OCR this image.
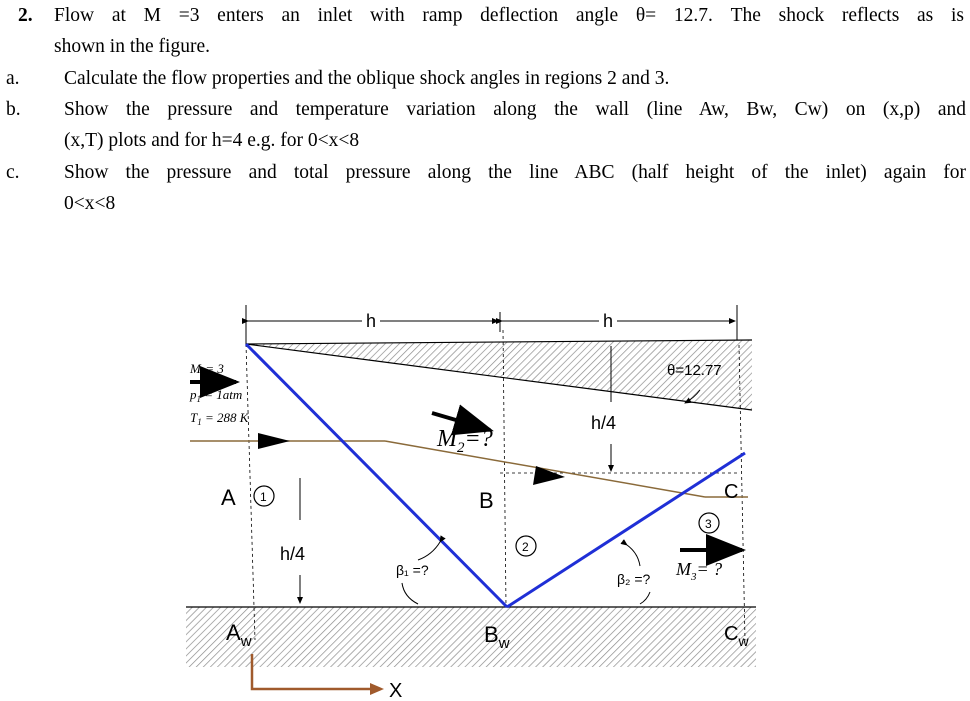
2. Flow at M =3 enters an inlet with ramp deflection angle θ= 12.7. The shock reflects as is
shown in the figure.
a. Calculate the flow properties and the oblique shock angles in regions 2 and 3.
b. Show the pressure and temperature variation along the wall (line Aw, Bw, Cw) on (x,p) and
(x,T) plots and for h=4 e.g. for 0<x<8
c. Show the pressure and total pressure along the line ABC (half height of the inlet) again for
0<x<8
h	h
$M_1= 3$
$p_1 = 1atm$
$T_1 = 288$ K
θ=12.77
h/4
$M_2=$?
A 1	B
2
C
3
h/4
β₁ =?
β₂ =? $M_3=$ ?
$A_w$	$B_w$	$C_w$
X
